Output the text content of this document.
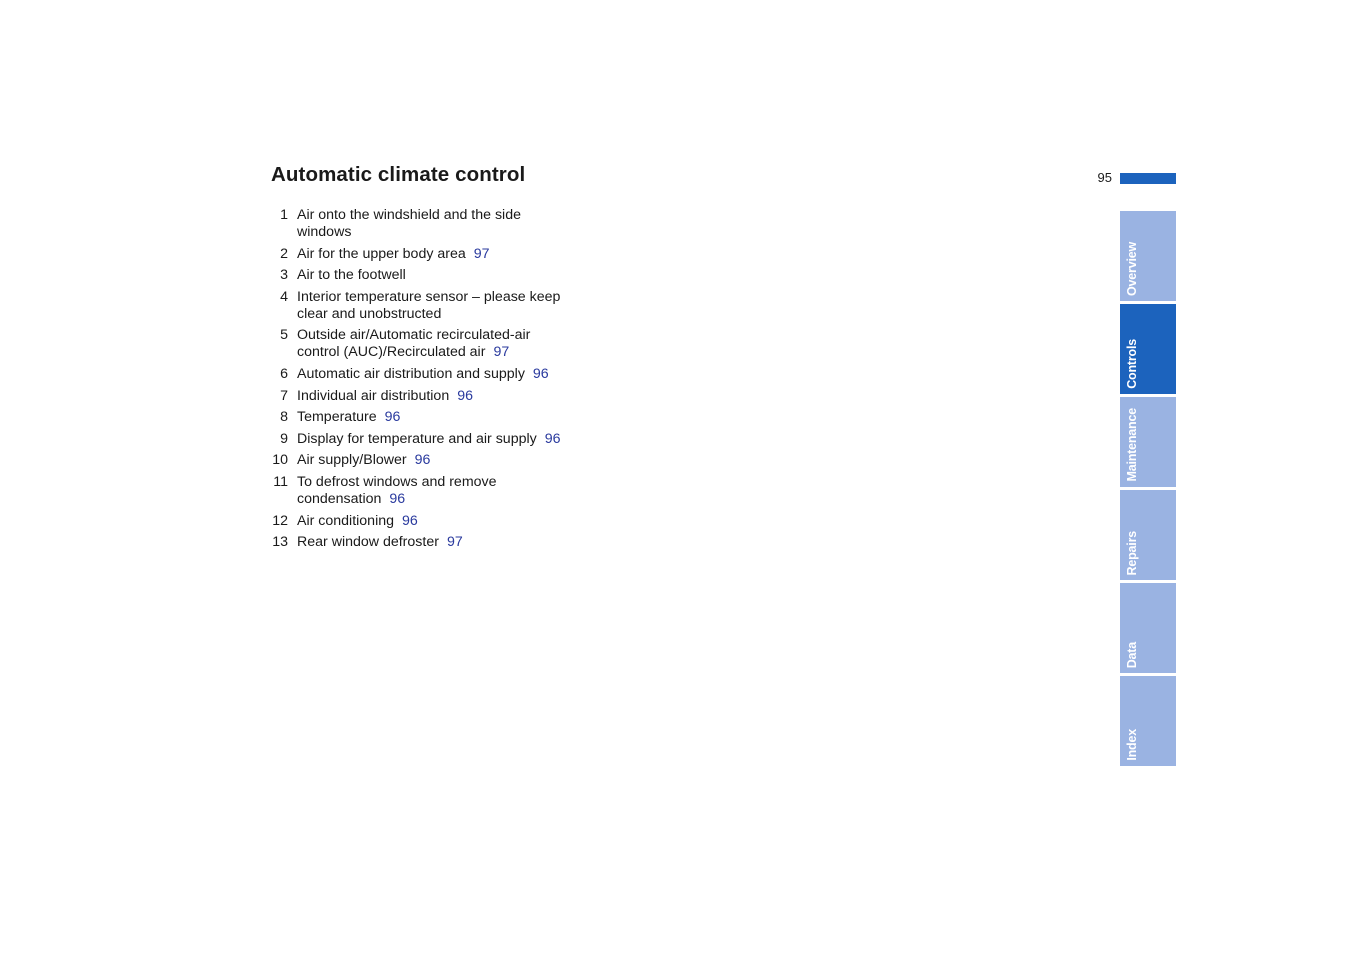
Automatic climate control	95
1 Air onto the windshield and the side windows
2 Air for the upper body area 97
3 Air to the footwell
4 Interior temperature sensor – please keep clear and unobstructed
5 Outside air/Automatic recirculated-air control (AUC)/Recirculated air 97
6 Automatic air distribution and supply 96
7 Individual air distribution 96
8 Temperature 96
9 Display for temperature and air supply 96
10 Air supply/Blower 96
11 To defrost windows and remove condensation 96
12 Air conditioning 96
13 Rear window defroster 97
Overview
Controls
Maintenance
Repairs
Data
Index
